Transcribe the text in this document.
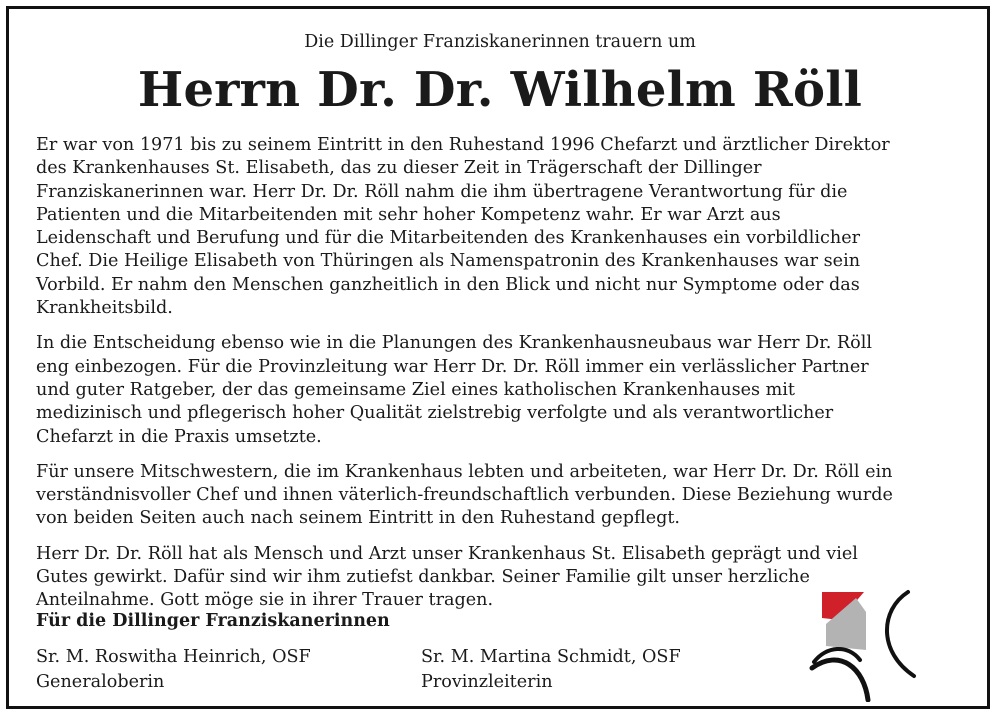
Die Dillinger Franziskanerinnen trauern um
Herrn Dr. Dr. Wilhelm Röll

Er war von 1971 bis zu seinem Eintritt in den Ruhestand 1996 Chefarzt und ärztlicher Direktor
des Krankenhauses St. Elisabeth, das zu dieser Zeit in Trägerschaft der Dillinger
Franziskanerinnen war. Herr Dr. Dr. Röll nahm die ihm übertragene Verantwortung für die
Patienten und die Mitarbeitenden mit sehr hoher Kompetenz wahr. Er war Arzt aus
Leidenschaft und Berufung und für die Mitarbeitenden des Krankenhauses ein vorbildlicher
Chef. Die Heilige Elisabeth von Thüringen als Namenspatronin des Krankenhauses war sein
Vorbild. Er nahm den Menschen ganzheitlich in den Blick und nicht nur Symptome oder das
Krankheitsbild.

In die Entscheidung ebenso wie in die Planungen des Krankenhausneubaus war Herr Dr. Röll
eng einbezogen. Für die Provinzleitung war Herr Dr. Dr. Röll immer ein verlässlicher Partner
und guter Ratgeber, der das gemeinsame Ziel eines katholischen Krankenhauses mit
medizinisch und pflegerisch hoher Qualität zielstrebig verfolgte und als verantwortlicher
Chefarzt in die Praxis umsetzte.

Für unsere Mitschwestern, die im Krankenhaus lebten und arbeiteten, war Herr Dr. Dr. Röll ein
verständnisvoller Chef und ihnen väterlich-freundschaftlich verbunden. Diese Beziehung wurde
von beiden Seiten auch nach seinem Eintritt in den Ruhestand gepflegt.

Herr Dr. Dr. Röll hat als Mensch und Arzt unser Krankenhaus St. Elisabeth geprägt und viel
Gutes gewirkt. Dafür sind wir ihm zutiefst dankbar. Seiner Familie gilt unser herzliche
Anteilnahme. Gott möge sie in ihrer Trauer tragen.

Für die Dillinger Franziskanerinnen
Sr. M. Roswitha Heinrich, OSF
Generaloberin
Sr. M. Martina Schmidt, OSF
Provinzleiterin
